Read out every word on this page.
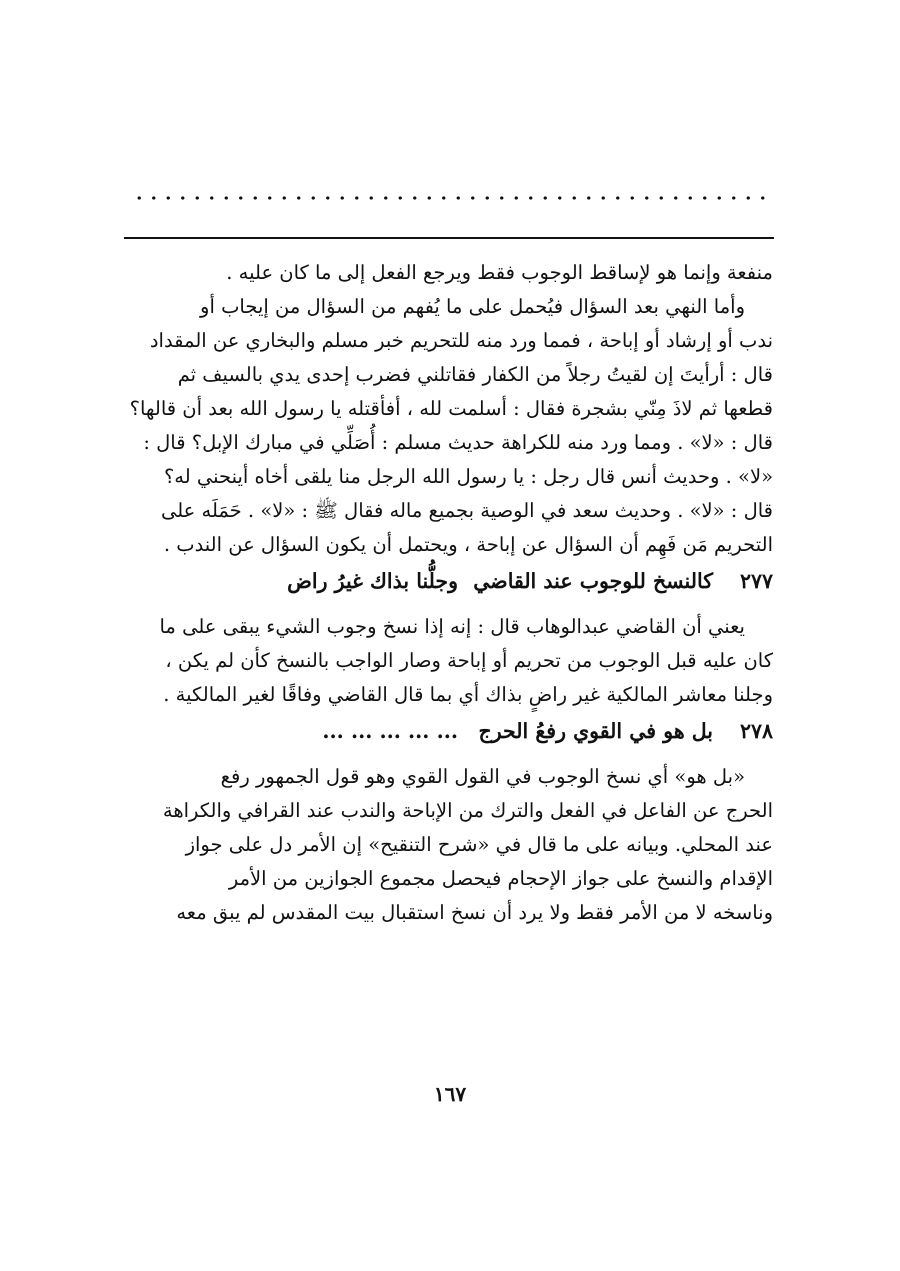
منفعة وإنما هو لإساقط الوجوب فقط ويرجع الفعل إلى ما كان عليه .

وأما النهي بعد السؤال فيُحمل على ما يُفهم من السؤال من إيجاب أو

ندب أو إرشاد أو إباحة ، فمما ورد منه للتحريم خبر مسلم والبخاري عن المقداد

قال : أرأيتَ إن لقيتُ رجلاً من الكفار فقاتلني فضرب إحدى يدي بالسيف ثم

قطعها ثم لاذَ مِنّي بشجرة فقال : أسلمت لله ، أفأقتله يا رسول الله بعد أن قالها؟

قال : «لا» . ومما ورد منه للكراهة حديث مسلم : أُصَلِّي في مبارك الإبل؟ قال :

«لا» . وحديث أنس قال رجل : يا رسول الله الرجل منا يلقى أخاه أينحني له؟

قال : «لا» . وحديث سعد في الوصية بجميع ماله فقال ﷺ : «لا» . حَمَلَه على

التحريم مَن فَهِم أن السؤال عن إباحة ، ويحتمل أن يكون السؤال عن الندب .

٢٧٧
كالنسخ للوجوب عند القاضي
وجلُّنا بذاك غيرُ راض

يعني أن القاضي عبدالوهاب قال : إنه إذا نسخ وجوب الشيء يبقى على ما

كان عليه قبل الوجوب من تحريم أو إباحة وصار الواجب بالنسخ كأن لم يكن ،

وجلنا معاشر المالكية غير راضٍ بذاك أي بما قال القاضي وفاقًا لغير المالكية .

٢٧٨
بل هو في القوي رفعُ الحرج
... ... ... ... ...

«بل هو» أي نسخ الوجوب في القول القوي وهو قول الجمهور رفع

الحرج عن الفاعل في الفعل والترك من الإباحة والندب عند القرافي والكراهة

عند المحلي. وبيانه على ما قال في «شرح التنقيح» إن الأمر دل على جواز

الإقدام والنسخ على جواز الإحجام فيحصل مجموع الجوازين من الأمر

وناسخه لا من الأمر فقط ولا يرد أن نسخ استقبال بيت المقدس لم يبق معه

١٦٧
